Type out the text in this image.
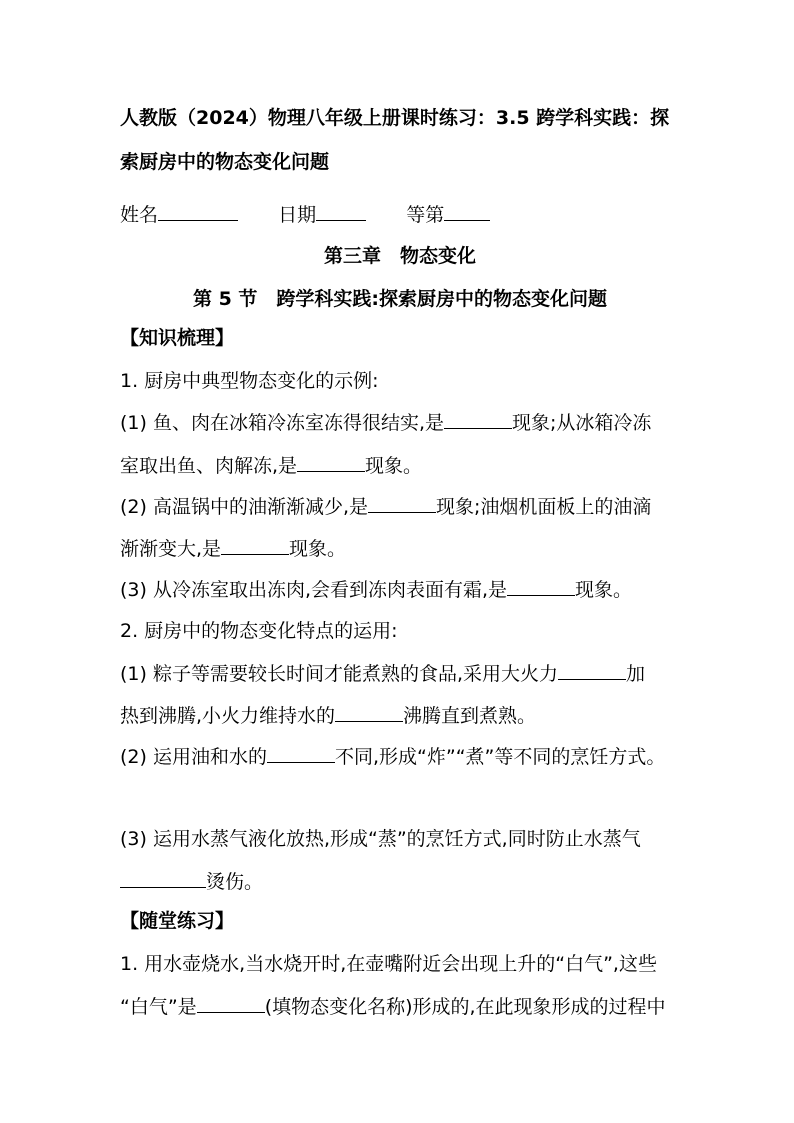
人教版（2024）物理八年级上册课时练习：3.5 跨学科实践：探
索厨房中的物态变化问题
姓名	日期	等第
第三章　物态变化
第 5 节　跨学科实践:探索厨房中的物态变化问题
【知识梳理】
1. 厨房中典型物态变化的示例:
(1) 鱼、肉在冰箱冷冻室冻得很结实,是	现象;从冰箱冷冻
室取出鱼、肉解冻,是	现象。
(2) 高温锅中的油渐渐减少,是	现象;油烟机面板上的油滴
渐渐变大,是	现象。
(3) 从冷冻室取出冻肉,会看到冻肉表面有霜,是	现象。
2. 厨房中的物态变化特点的运用:
(1) 粽子等需要较长时间才能煮熟的食品,采用大火力	加
热到沸腾,小火力维持水的	沸腾直到煮熟。
(2) 运用油和水的	不同,形成“炸”“煮”等不同的烹饪方式。
(3) 运用水蒸气液化放热,形成“蒸”的烹饪方式,同时防止水蒸气
烫伤。
【随堂练习】
1. 用水壶烧水,当水烧开时,在壶嘴附近会出现上升的“白气”,这些
“白气”是	(填物态变化名称)形成的,在此现象形成的过程中
